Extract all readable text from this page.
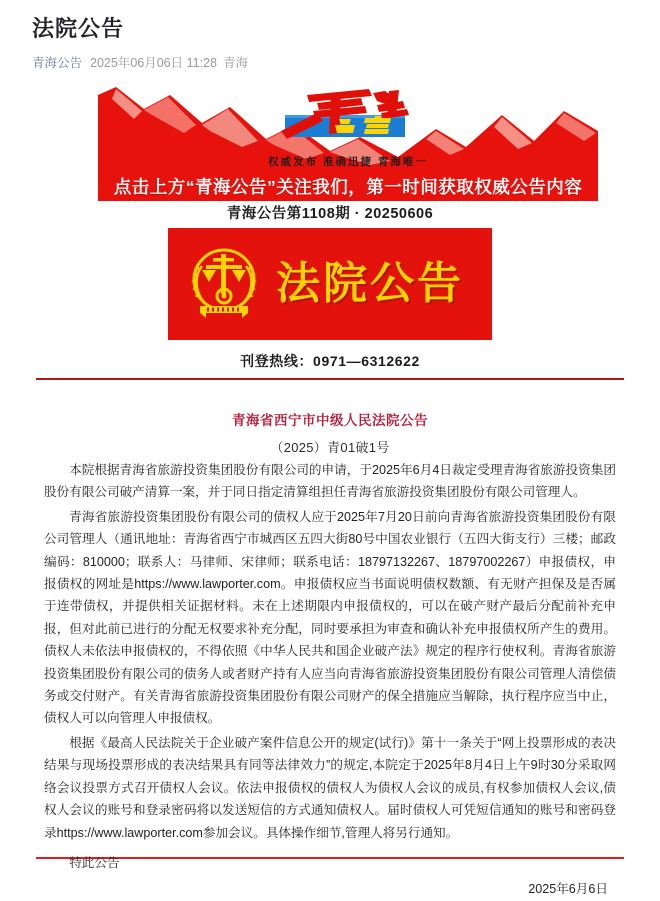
法院公告
青海公告 2025年06月06日 11:28 青海
权威发布 准确迅捷 青海唯一
点击上方“青海公告”关注我们，第一时间获取权威公告内容
青海公告第1108期 · 20250606
法院公告
刊登热线：0971—6312622
青海省西宁市中级人民法院公告
（2025）青01破1号

本院根据青海省旅游投资集团股份有限公司的申请，于2025年6月4日裁定受理青海省旅游投资集团股份有限公司破产清算一案，并于同日指定清算组担任青海省旅游投资集团股份有限公司管理人。

青海省旅游投资集团股份有限公司的债权人应于2025年7月20日前向青海省旅游投资集团股份有限公司管理人（通讯地址：青海省西宁市城西区五四大街80号中国农业银行（五四大街支行）三楼；邮政编码：810000；联系人：马律师、宋律师；联系电话：18797132267、18797002267）申报债权，申报债权的网址是https://www.lawporter.com。申报债权应当书面说明债权数额、有无财产担保及是否属于连带债权，并提供相关证据材料。未在上述期限内申报债权的，可以在破产财产最后分配前补充申报，但对此前已进行的分配无权要求补充分配，同时要承担为审查和确认补充申报债权所产生的费用。债权人未依法申报债权的，不得依照《中华人民共和国企业破产法》规定的程序行使权利。青海省旅游投资集团股份有限公司的债务人或者财产持有人应当向青海省旅游投资集团股份有限公司管理人清偿债务或交付财产。有关青海省旅游投资集团股份有限公司财产的保全措施应当解除，执行程序应当中止，债权人可以向管理人申报债权。

根据《最高人民法院关于企业破产案件信息公开的规定(试行)》第十一条关于“网上投票形成的表决结果与现场投票形成的表决结果具有同等法律效力”的规定,本院定于2025年8月4日上午9时30分采取网络会议投票方式召开债权人会议。依法申报债权的债权人为债权人会议的成员,有权参加债权人会议,债权人会议的账号和登录密码将以发送短信的方式通知债权人。届时债权人可凭短信通知的账号和密码登录https://www.lawporter.com参加会议。具体操作细节,管理人将另行通知。

特此公告
2025年6月6日
